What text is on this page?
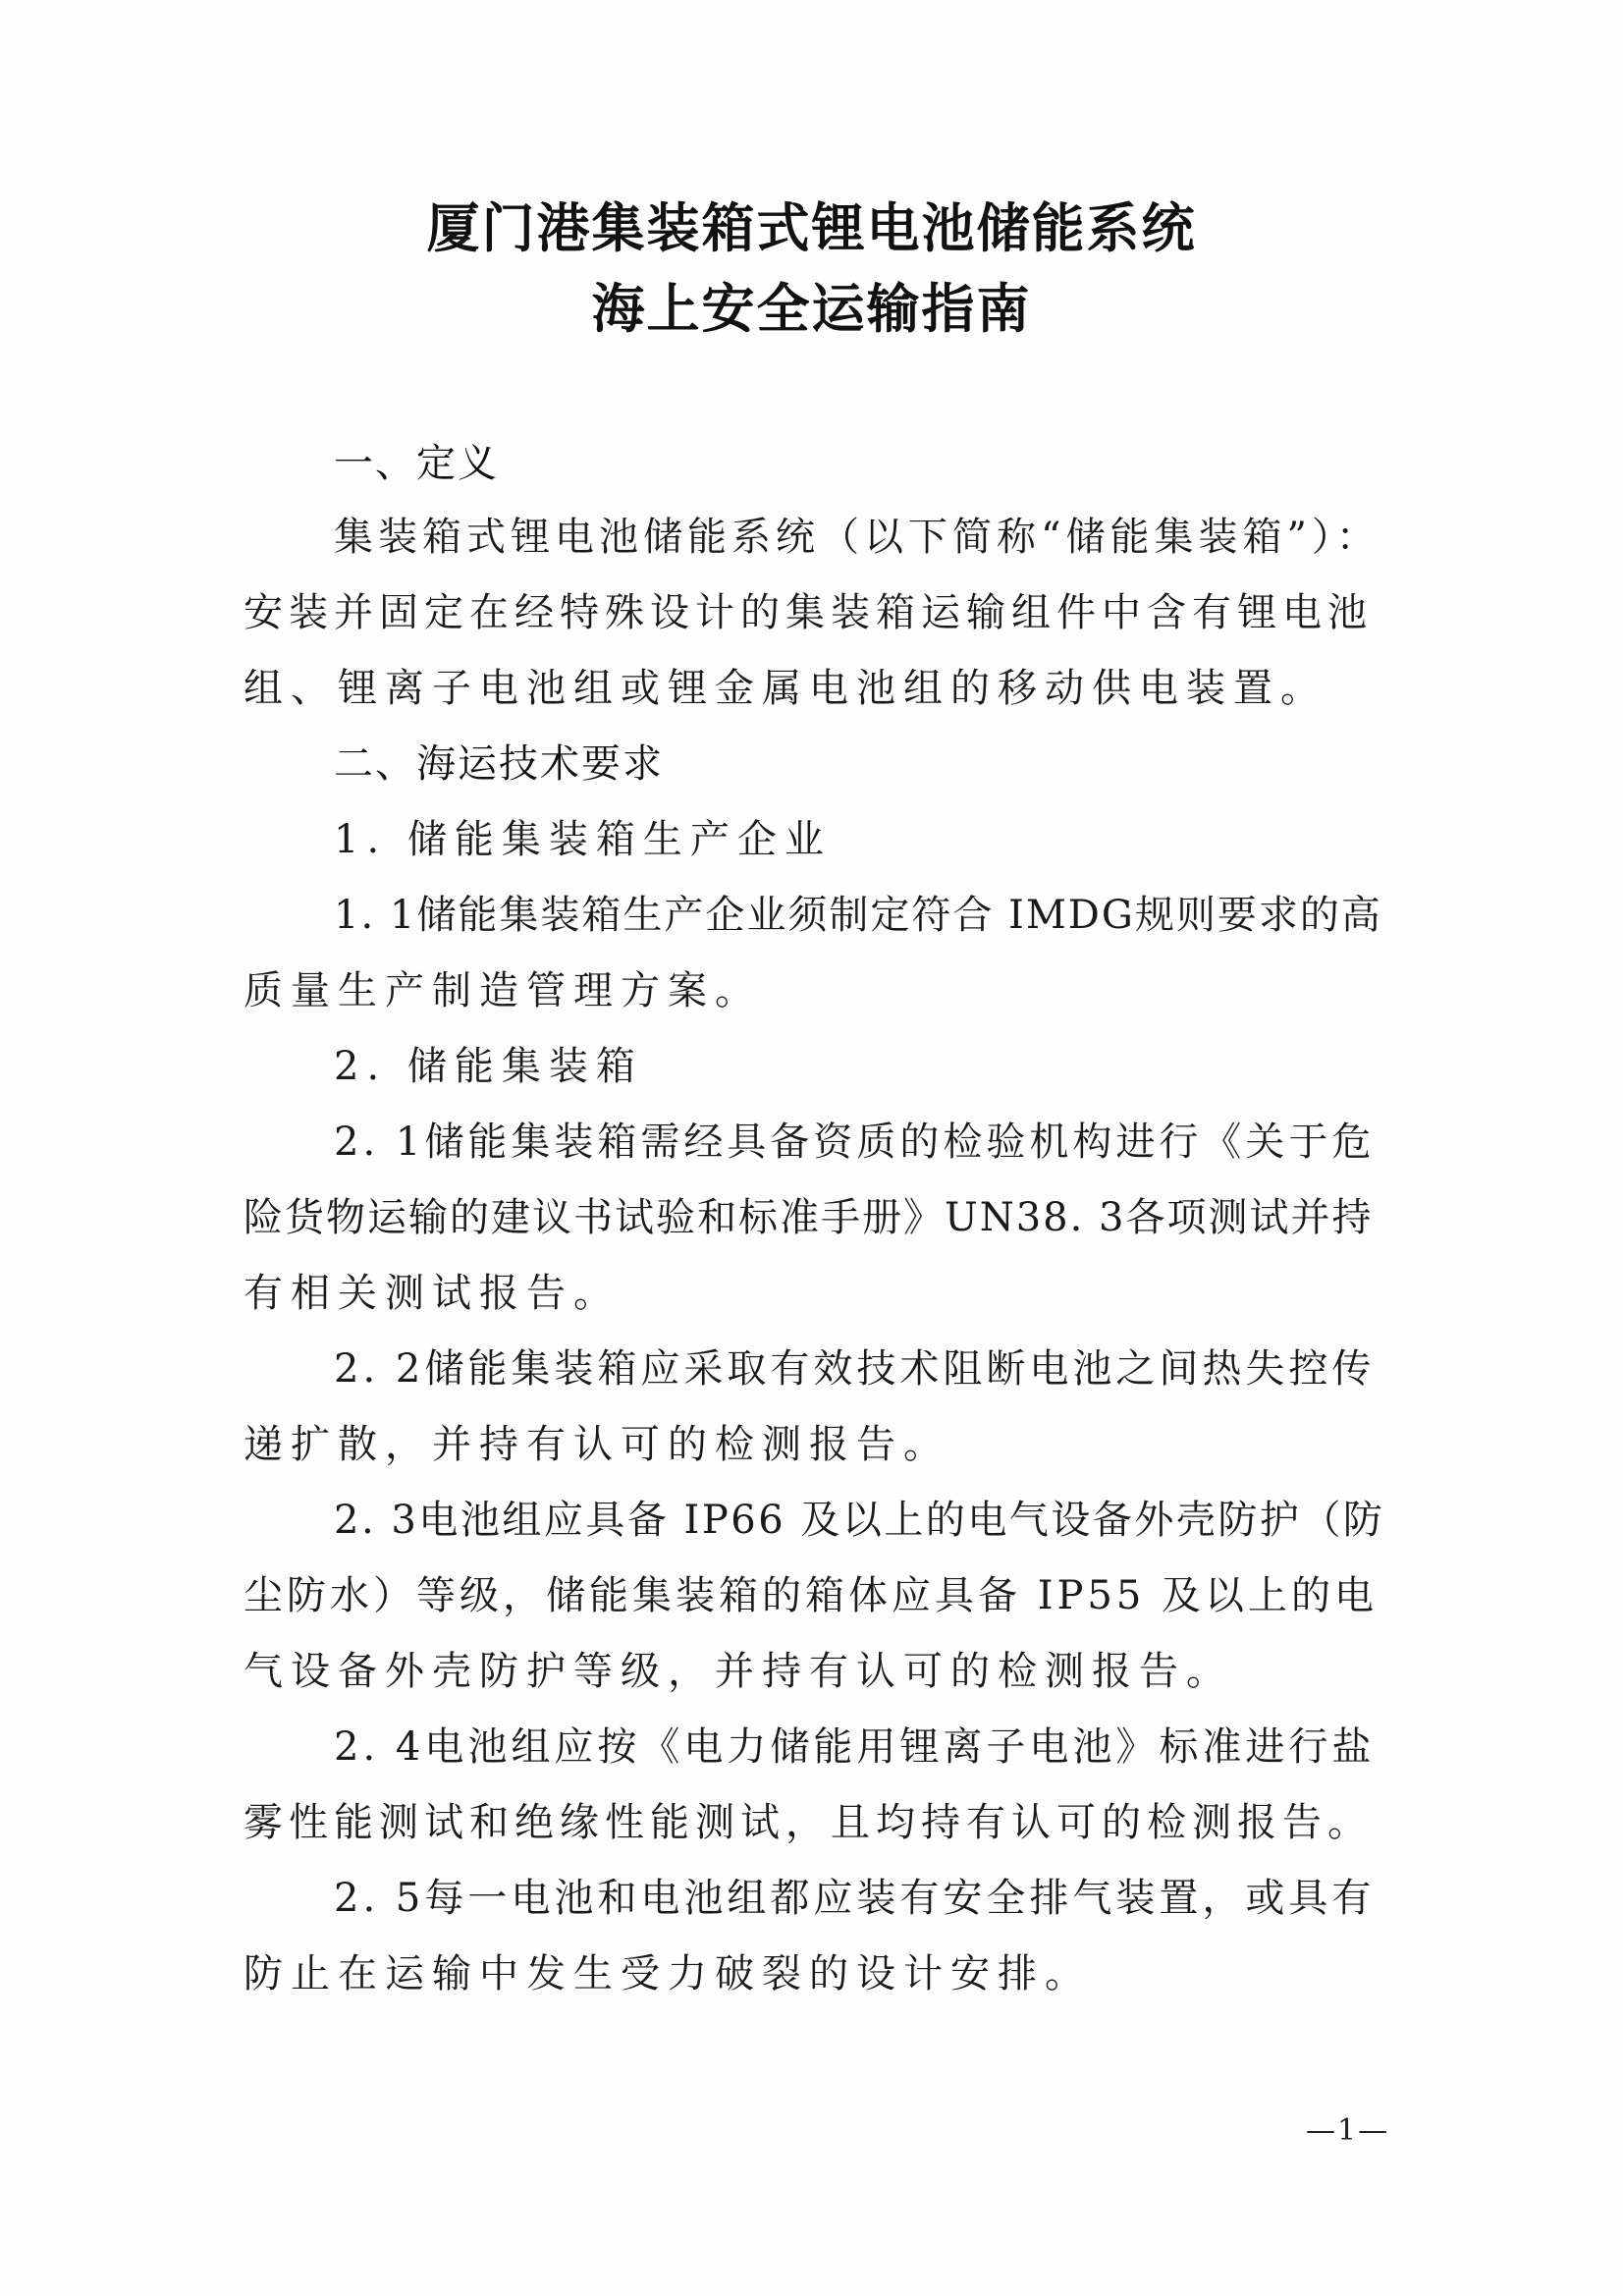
厦门港集装箱式锂电池储能系统
海上安全运输指南
一、定义
集装箱式锂电池储能系统（以下简称“储能集装箱”）：
安装并固定在经特殊设计的集装箱运输组件中含有锂电池
组、锂离子电池组或锂金属电池组的移动供电装置。
二、海运技术要求
1. 储能集装箱生产企业
1. 1储能集装箱生产企业须制定符合 IMDG规则要求的高
质量生产制造管理方案。
2. 储能集装箱
2. 1储能集装箱需经具备资质的检验机构进行《关于危
险货物运输的建议书试验和标准手册》UN38. 3各项测试并持
有相关测试报告。
2. 2储能集装箱应采取有效技术阻断电池之间热失控传
递扩散，并持有认可的检测报告。
2. 3电池组应具备 IP66 及以上的电气设备外壳防护（防
尘防水）等级，储能集装箱的箱体应具备 IP55 及以上的电
气设备外壳防护等级，并持有认可的检测报告。
2. 4电池组应按《电力储能用锂离子电池》标准进行盐
雾性能测试和绝缘性能测试，且均持有认可的检测报告。
2. 5每一电池和电池组都应装有安全排气装置，或具有
防止在运输中发生受力破裂的设计安排。
—1—
